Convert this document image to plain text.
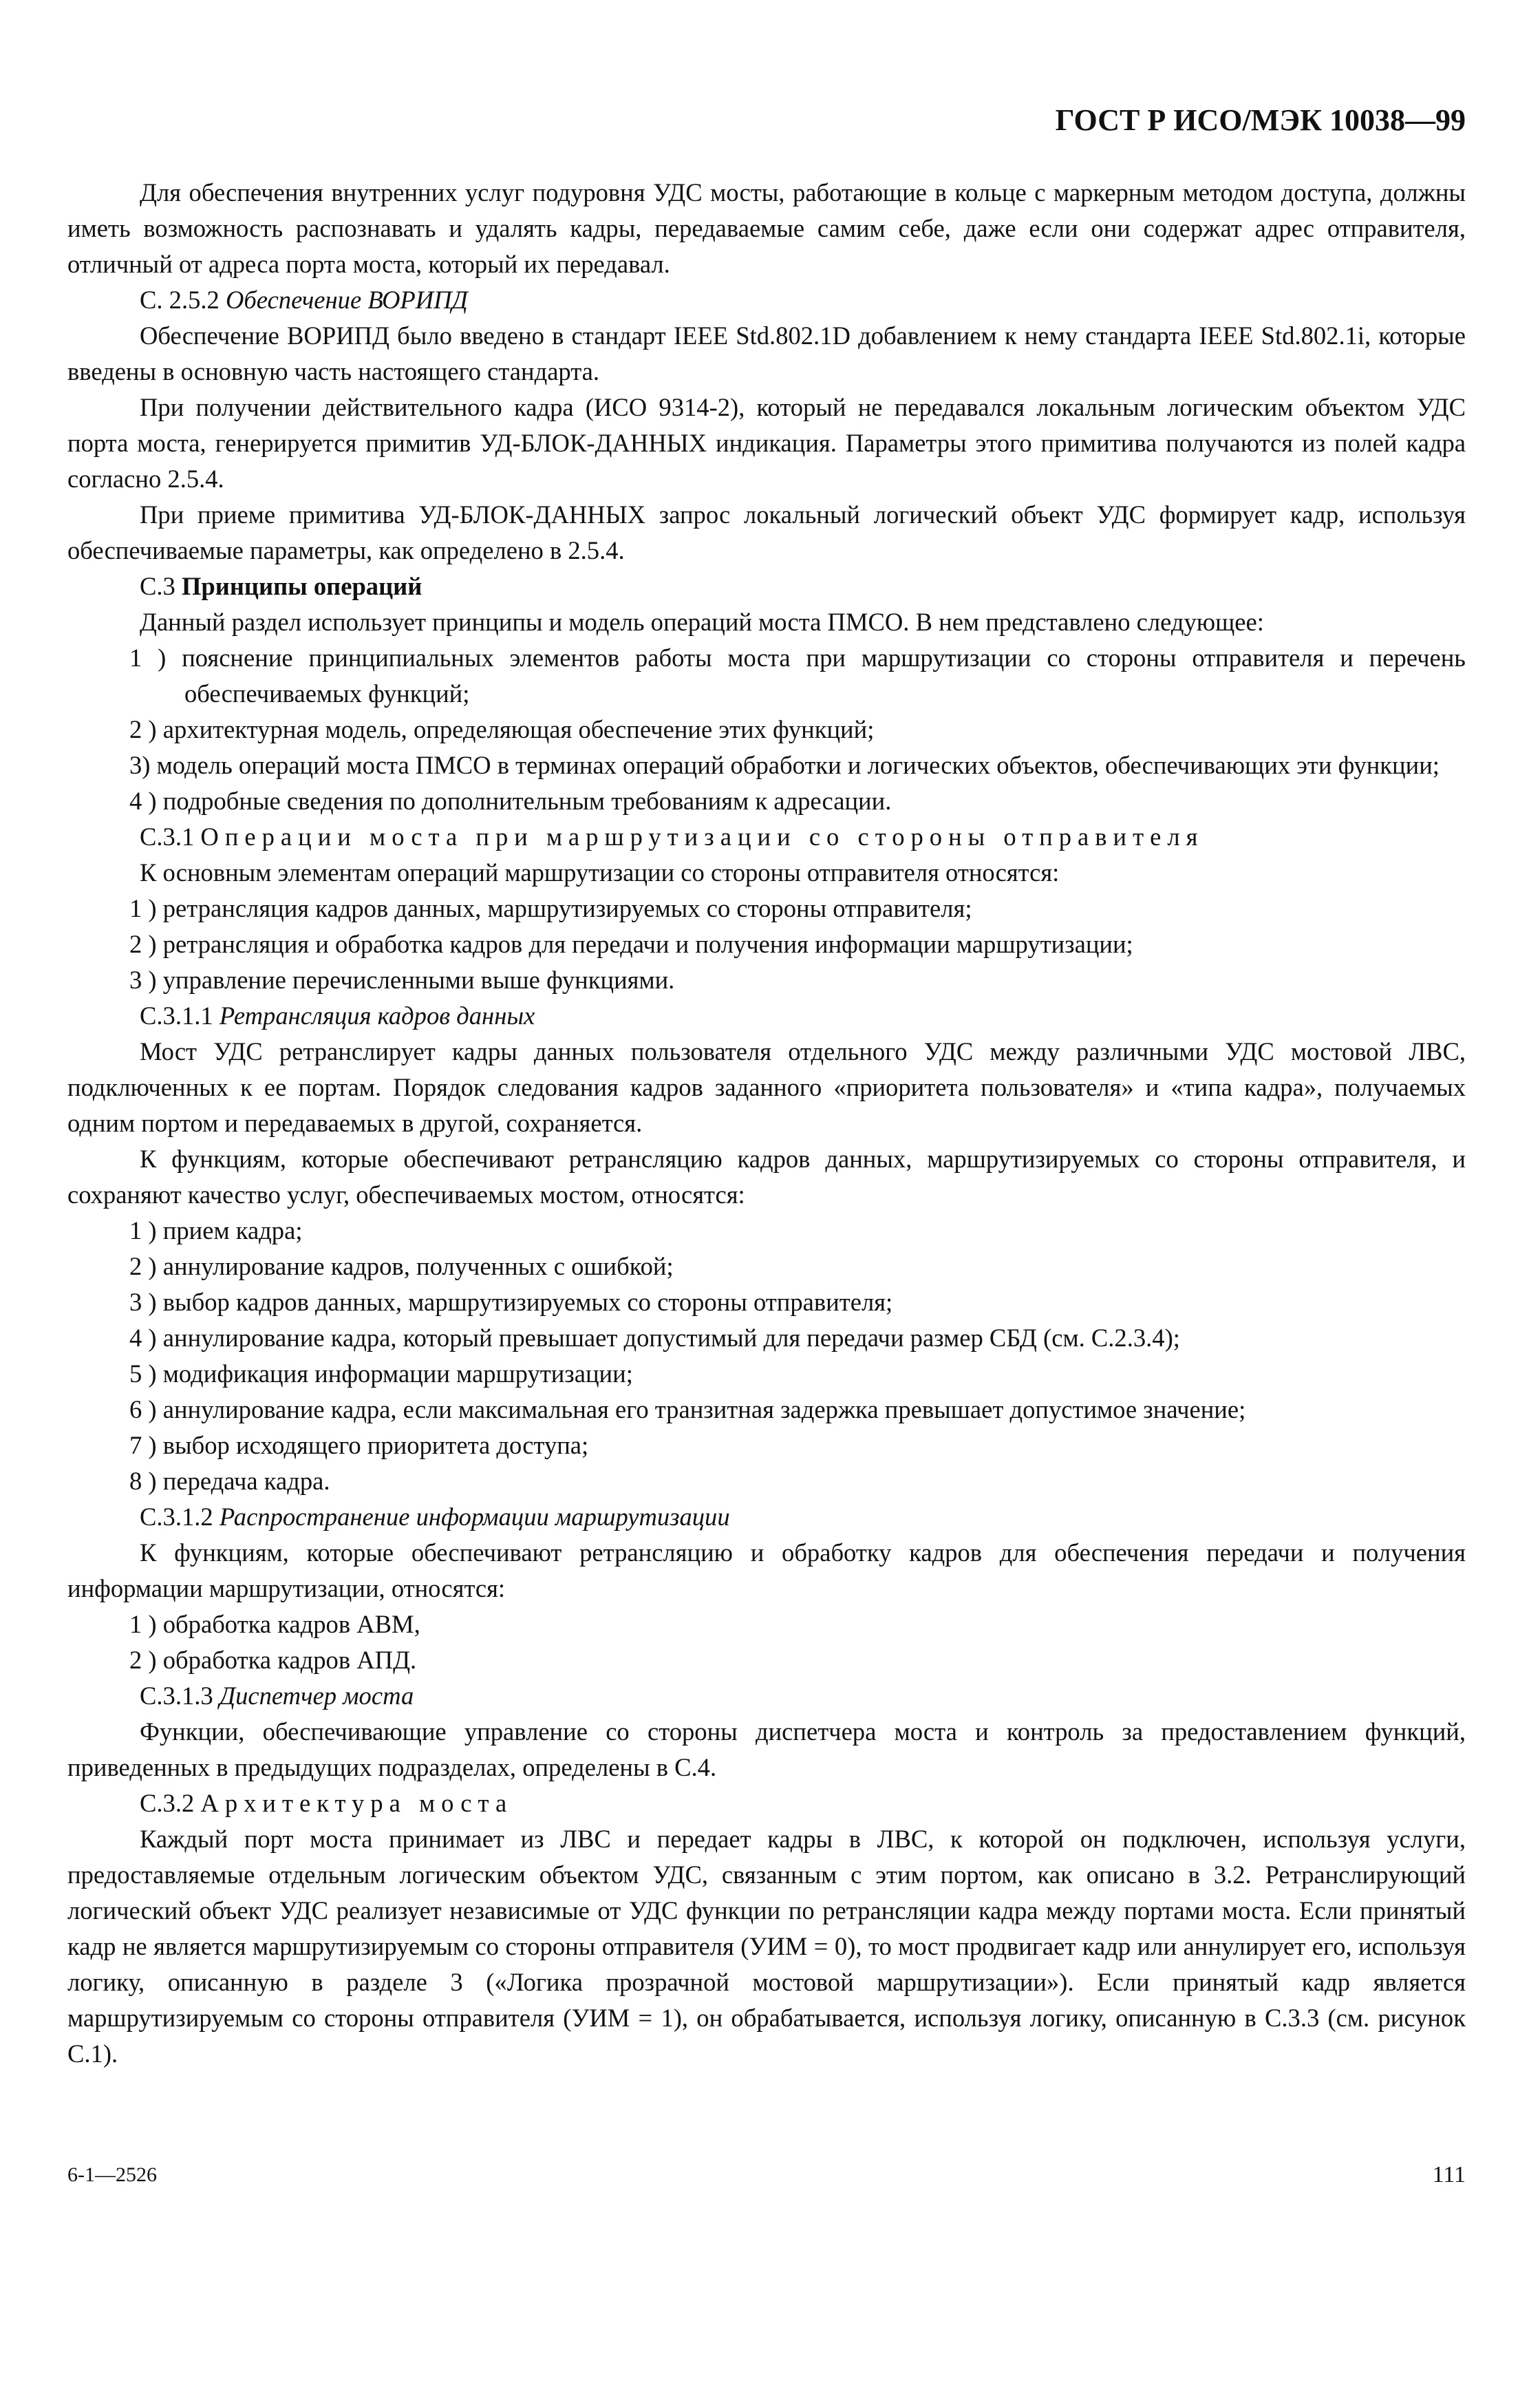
ГОСТ Р ИСО/МЭК 10038—99

Для обеспечения внутренних услуг подуровня УДС мосты, работающие в кольце с маркерным методом доступа, должны иметь возможность распознавать и удалять кадры, передаваемые самим себе, даже если они содержат адрес отправителя, отличный от адреса порта моста, который их передавал.

С. 2.5.2 Обеспечение ВОРИПД

Обеспечение ВОРИПД было введено в стандарт IEEE Std.802.1D добавлением к нему стандарта IEEE Std.802.1i, которые введены в основную часть настоящего стандарта.

При получении действительного кадра (ИСО 9314-2), который не передавался локальным логическим объектом УДС порта моста, генерируется примитив УД-БЛОК-ДАННЫХ индикация. Параметры этого примитива получаются из полей кадра согласно 2.5.4.

При приеме примитива УД-БЛОК-ДАННЫХ запрос локальный логический объект УДС формирует кадр, используя обеспечиваемые параметры, как определено в 2.5.4.

С.3 Принципы операций

Данный раздел использует принципы и модель операций моста ПМСО. В нем представлено следующее:

1 ) пояснение принципиальных элементов работы моста при маршрутизации со стороны отправителя и перечень обеспечиваемых функций;

2 ) архитектурная модель, определяющая обеспечение этих функций;

3) модель операций моста ПМСО в терминах операций обработки и логических объектов, обеспечивающих эти функции;

4 ) подробные сведения по дополнительным требованиям к адресации.

С.3.1 Операции моста при маршрутизации со стороны отправителя

К основным элементам операций маршрутизации со стороны отправителя относятся:

1 ) ретрансляция кадров данных, маршрутизируемых со стороны отправителя;

2 ) ретрансляция и обработка кадров для передачи и получения информации маршрутизации;

3 ) управление перечисленными выше функциями.

С.3.1.1 Ретрансляция кадров данных

Мост УДС ретранслирует кадры данных пользователя отдельного УДС между различными УДС мостовой ЛВС, подключенных к ее портам. Порядок следования кадров заданного «приоритета пользователя» и «типа кадра», получаемых одним портом и передаваемых в другой, сохраняется.

К функциям, которые обеспечивают ретрансляцию кадров данных, маршрутизируемых со стороны отправителя, и сохраняют качество услуг, обеспечиваемых мостом, относятся:

1 ) прием кадра;

2 ) аннулирование кадров, полученных с ошибкой;

3 ) выбор кадров данных, маршрутизируемых со стороны отправителя;

4 ) аннулирование кадра, который превышает допустимый для передачи размер СБД (см. С.2.3.4);

5 ) модификация информации маршрутизации;

6 ) аннулирование кадра, если максимальная его транзитная задержка превышает допустимое значение;

7 ) выбор исходящего приоритета доступа;

8 ) передача кадра.

С.3.1.2 Распространение информации маршрутизации

К функциям, которые обеспечивают ретрансляцию и обработку кадров для обеспечения передачи и получения информации маршрутизации, относятся:

1 ) обработка кадров АВМ,

2 ) обработка кадров АПД.

С.3.1.3 Диспетчер моста

Функции, обеспечивающие управление со стороны диспетчера моста и контроль за предоставлением функций, приведенных в предыдущих подразделах, определены в С.4.

С.3.2 Архитектура моста

Каждый порт моста принимает из ЛВС и передает кадры в ЛВС, к которой он подключен, используя услуги, предоставляемые отдельным логическим объектом УДС, связанным с этим портом, как описано в 3.2. Ретранслирующий логический объект УДС реализует независимые от УДС функции по ретрансляции кадра между портами моста. Если принятый кадр не является маршрутизируемым со стороны отправителя (УИМ = 0), то мост продвигает кадр или аннулирует его, используя логику, описанную в разделе 3 («Логика прозрачной мостовой маршрутизации»). Если принятый кадр является маршрутизируемым со стороны отправителя (УИМ = 1), он обрабатывается, используя логику, описанную в С.3.3 (см. рисунок С.1).

6-1—2526	111
